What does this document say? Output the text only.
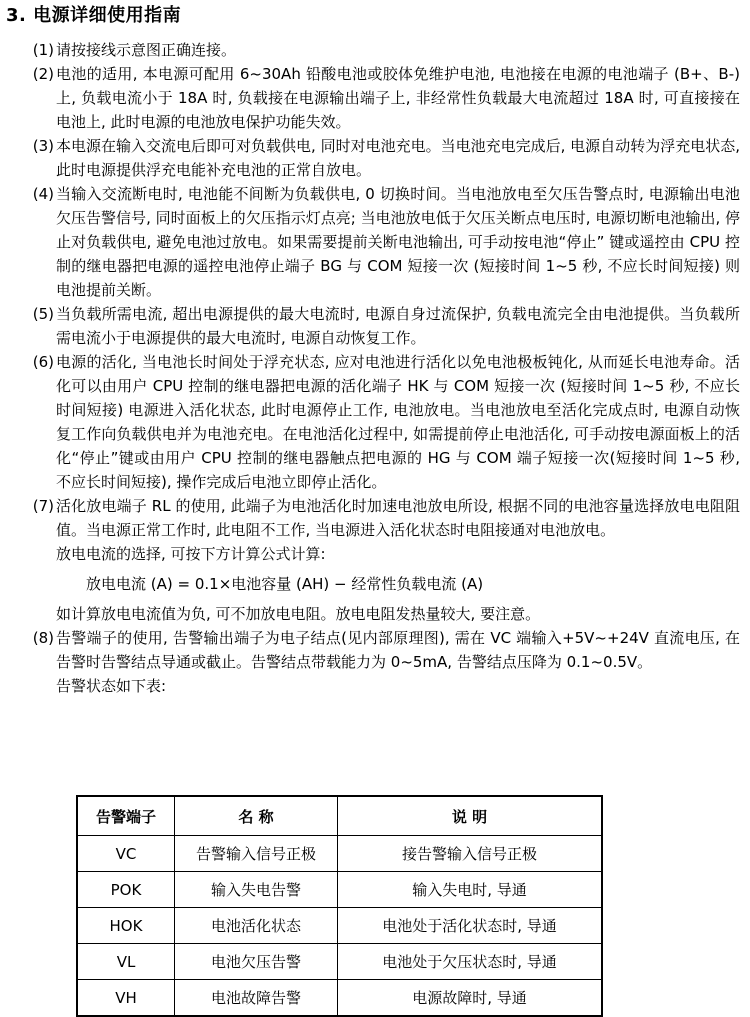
3. 电源详细使用指南
(1) 请按接线示意图正确连接。

(2) 电池的适用, 本电源可配用 6~30Ah 铅酸电池或胶体免维护电池, 电池接在电源的电池端子 (B+、B-) 上, 负载电流小于 18A 时, 负载接在电源输出端子上, 非经常性负载最大电流超过 18A 时, 可直接接在电池上, 此时电源的电池放电保护功能失效。

(3) 本电源在输入交流电后即可对负载供电, 同时对电池充电。当电池充电完成后, 电源自动转为浮充电状态, 此时电源提供浮充电能补充电池的正常自放电。

(4) 当输入交流断电时, 电池能不间断为负载供电, 0 切换时间。当电池放电至欠压告警点时, 电源输出电池欠压告警信号, 同时面板上的欠压指示灯点亮; 当电池放电低于欠压关断点电压时, 电源切断电池输出, 停止对负载供电, 避免电池过放电。如果需要提前关断电池输出, 可手动按电池“停止” 键或遥控由 CPU 控制的继电器把电源的遥控电池停止端子 BG 与 COM 短接一次 (短接时间 1~5 秒, 不应长时间短接) 则电池提前关断。

(5) 当负载所需电流, 超出电源提供的最大电流时, 电源自身过流保护, 负载电流完全由电池提供。当负载所需电流小于电源提供的最大电流时, 电源自动恢复工作。

(6) 电源的活化, 当电池长时间处于浮充状态, 应对电池进行活化以免电池极板钝化, 从而延长电池寿命。活化可以由用户 CPU 控制的继电器把电源的活化端子 HK 与 COM 短接一次 (短接时间 1~5 秒, 不应长时间短接) 电源进入活化状态, 此时电源停止工作, 电池放电。当电池放电至活化完成点时, 电源自动恢复工作向负载供电并为电池充电。在电池活化过程中, 如需提前停止电池活化, 可手动按电源面板上的活化“停止”键或由用户 CPU 控制的继电器触点把电源的 HG 与 COM 端子短接一次(短接时间 1~5 秒, 不应长时间短接), 操作完成后电池立即停止活化。

(7) 活化放电端子 RL 的使用, 此端子为电池活化时加速电池放电所设, 根据不同的电池容量选择放电电阻阻值。当电源正常工作时, 此电阻不工作, 当电源进入活化状态时电阻接通对电池放电。

放电电流的选择, 可按下方计算公式计算:

放电电流 (A) = 0.1×电池容量 (AH) − 经常性负载电流 (A)

如计算放电电流值为负, 可不加放电电阻。放电电阻发热量较大, 要注意。

(8) 告警端子的使用, 告警输出端子为电子结点(见内部原理图), 需在 VC 端输入+5V~+24V 直流电压, 在告警时告警结点导通或截止。告警结点带载能力为 0~5mA, 告警结点压降为 0.1~0.5V。

告警状态如下表:

告警端子	名 称	说 明
VC	告警输入信号正极	接告警输入信号正极
POK	输入失电告警	输入失电时, 导通
HOK	电池活化状态	电池处于活化状态时, 导通
VL	电池欠压告警	电池处于欠压状态时, 导通
VH	电池故障告警	电源故障时, 导通
